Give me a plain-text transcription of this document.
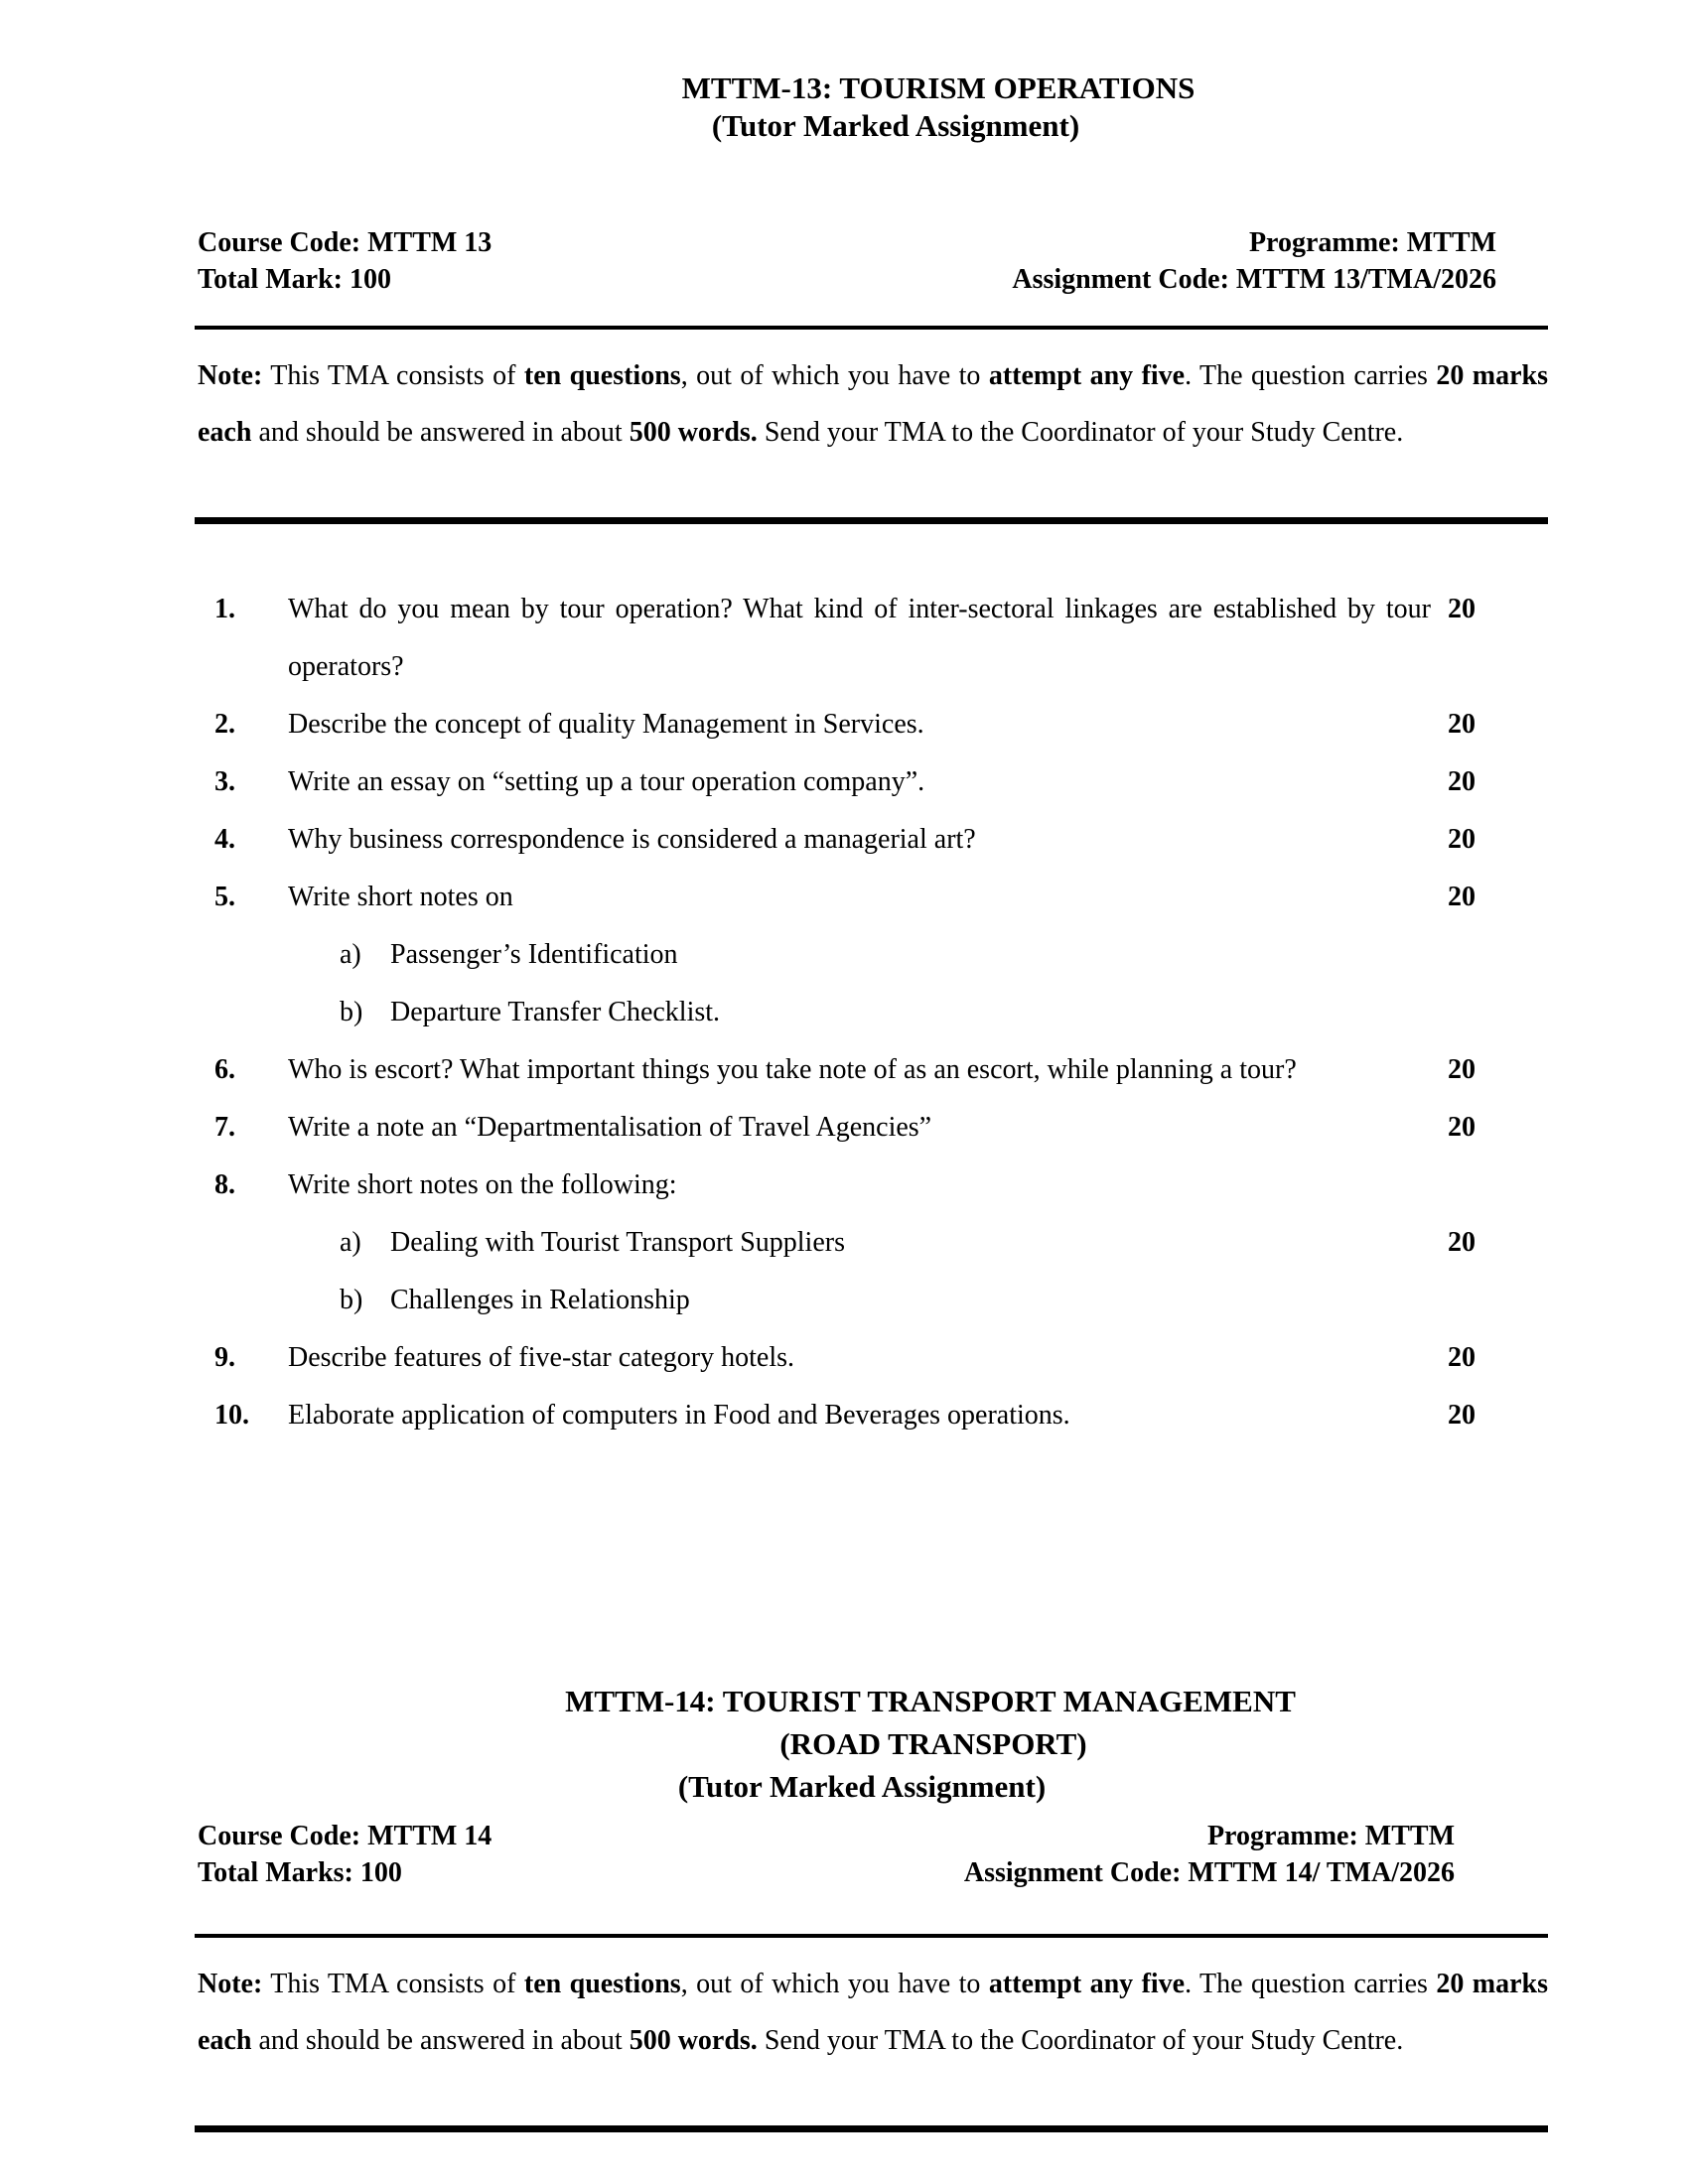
MTTM-13: TOURISM OPERATIONS
(Tutor Marked Assignment)
Course Code: MTTM 13
Total Mark: 100
Programme: MTTM
Assignment Code: MTTM 13/TMA/2026
Note: This TMA consists of ten questions, out of which you have to attempt any five. The question carries 20 marks each and should be answered in about 500 words. Send your TMA to the Coordinator of your Study Centre.
1.	What do you mean by tour operation? What kind of inter-sectoral linkages are established by tour operators?
20
2.	Describe the concept of quality Management in Services.	20
3.	Write an essay on “setting up a tour operation company”.	20
4.	Why business correspondence is considered a managerial art?	20
5.	Write short notes on	20
a) Passenger’s Identification
b) Departure Transfer Checklist.
6.	Who is escort? What important things you take note of as an escort, while planning a tour?	20
7.	Write a note an “Departmentalisation of Travel Agencies”	20
8.	Write short notes on the following:
a) Dealing with Tourist Transport Suppliers	20
b) Challenges in Relationship
9.	Describe features of five-star category hotels.	20
10.	Elaborate application of computers in Food and Beverages operations.	20
MTTM-14: TOURIST TRANSPORT MANAGEMENT
(ROAD TRANSPORT)
(Tutor Marked Assignment)
Course Code: MTTM 14
Total Marks: 100
Programme: MTTM
Assignment Code: MTTM 14/ TMA/2026
Note: This TMA consists of ten questions, out of which you have to attempt any five. The question carries 20 marks each and should be answered in about 500 words. Send your TMA to the Coordinator of your Study Centre.
